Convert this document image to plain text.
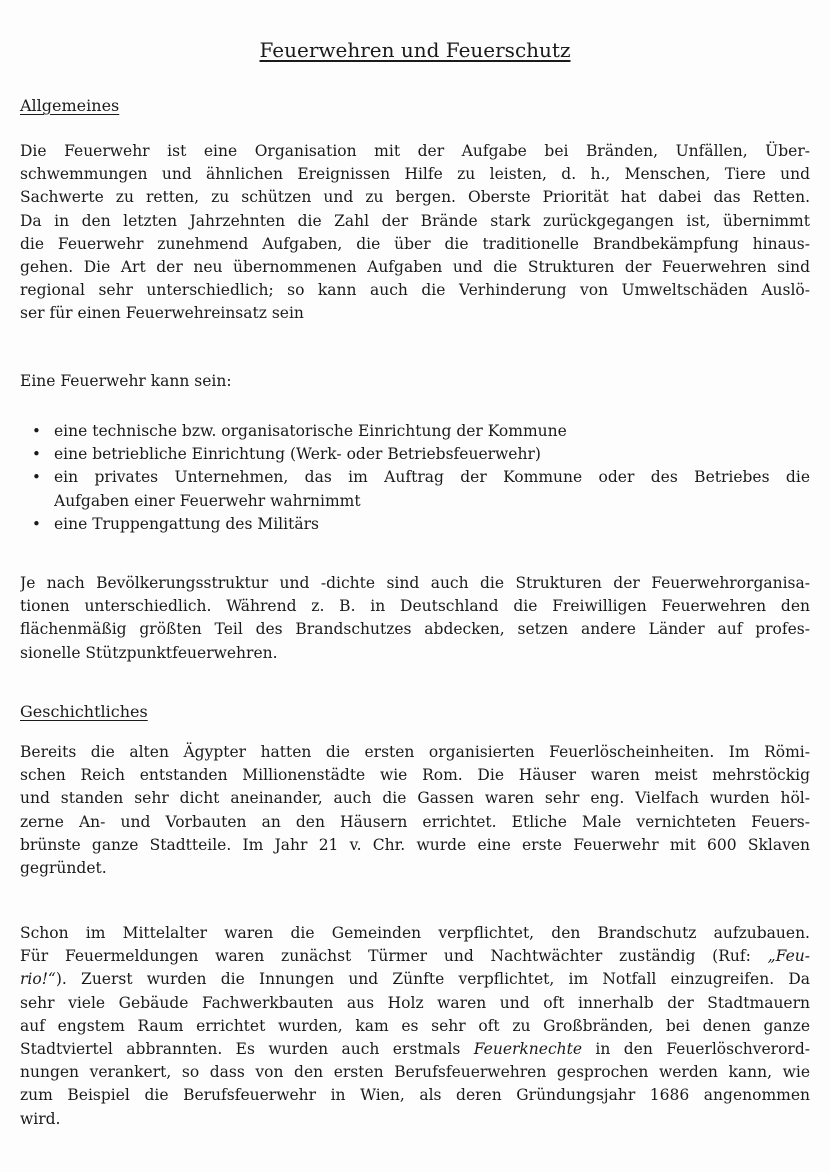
Feuerwehren und Feuerschutz
Allgemeines
Die Feuerwehr ist eine Organisation mit der Aufgabe bei Bränden, Unfällen, Über-
schwemmungen und ähnlichen Ereignissen Hilfe zu leisten, d. h., Menschen, Tiere und
Sachwerte zu retten, zu schützen und zu bergen. Oberste Priorität hat dabei das Retten.
Da in den letzten Jahrzehnten die Zahl der Brände stark zurückgegangen ist, übernimmt
die Feuerwehr zunehmend Aufgaben, die über die traditionelle Brandbekämpfung hinaus-
gehen. Die Art der neu übernommenen Aufgaben und die Strukturen der Feuerwehren sind
regional sehr unterschiedlich; so kann auch die Verhinderung von Umweltschäden Auslö-
ser für einen Feuerwehreinsatz sein
Eine Feuerwehr kann sein:
• eine technische bzw. organisatorische Einrichtung der Kommune
• eine betriebliche Einrichtung (Werk- oder Betriebsfeuerwehr)
• ein privates Unternehmen, das im Auftrag der Kommune oder des Betriebes die
Aufgaben einer Feuerwehr wahrnimmt
• eine Truppengattung des Militärs
Je nach Bevölkerungsstruktur und -dichte sind auch die Strukturen der Feuerwehrorganisa-
tionen unterschiedlich. Während z. B. in Deutschland die Freiwilligen Feuerwehren den
flächenmäßig größten Teil des Brandschutzes abdecken, setzen andere Länder auf profes-
sionelle Stützpunktfeuerwehren.
Geschichtliches
Bereits die alten Ägypter hatten die ersten organisierten Feuerlöscheinheiten. Im Römi-
schen Reich entstanden Millionenstädte wie Rom. Die Häuser waren meist mehrstöckig
und standen sehr dicht aneinander, auch die Gassen waren sehr eng. Vielfach wurden höl-
zerne An- und Vorbauten an den Häusern errichtet. Etliche Male vernichteten Feuers-
brünste ganze Stadtteile. Im Jahr 21 v. Chr. wurde eine erste Feuerwehr mit 600 Sklaven
gegründet.
Schon im Mittelalter waren die Gemeinden verpflichtet, den Brandschutz aufzubauen.
Für Feuermeldungen waren zunächst Türmer und Nachtwächter zuständig (Ruf: „Feu-
rio!“). Zuerst wurden die Innungen und Zünfte verpflichtet, im Notfall einzugreifen. Da
sehr viele Gebäude Fachwerkbauten aus Holz waren und oft innerhalb der Stadtmauern
auf engstem Raum errichtet wurden, kam es sehr oft zu Großbränden, bei denen ganze
Stadtviertel abbrannten. Es wurden auch erstmals Feuerknechte in den Feuerlöschverord-
nungen verankert, so dass von den ersten Berufsfeuerwehren gesprochen werden kann, wie
zum Beispiel die Berufsfeuerwehr in Wien, als deren Gründungsjahr 1686 angenommen
wird.
